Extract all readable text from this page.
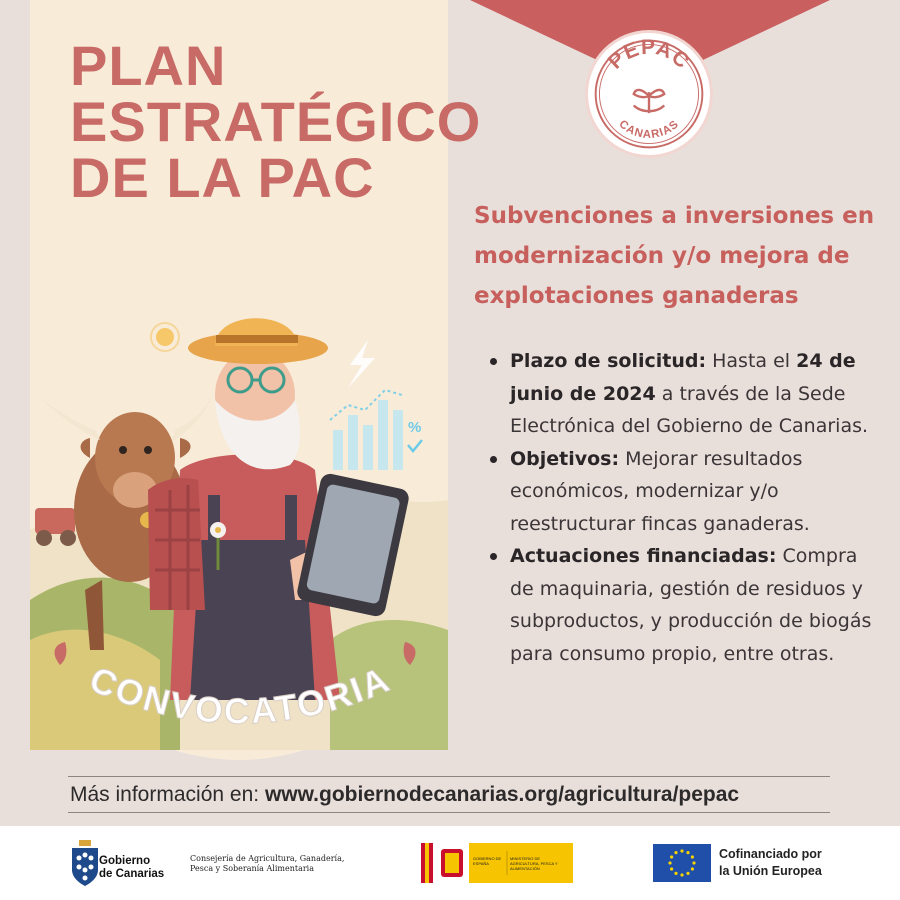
PLAN
ESTRATÉGICO
DE LA PAC
%
CONVOCATORIA
PEPAC
CANARIAS
Subvenciones a inversiones en modernización y/o mejora de explotaciones ganaderas
Plazo de solicitud: Hasta el 24 de junio de 2024 a través de la Sede Electrónica del Gobierno de Canarias.
Objetivos: Mejorar resultados económicos, modernizar y/o reestructurar fincas ganaderas.
Actuaciones financiadas: Compra de maquinaria, gestión de residuos y subproductos, y producción de biogás para consumo propio, entre otras.
Más información en: www.gobiernodecanarias.org/agricultura/pepac
Gobierno
de Canarias
Consejería de Agricultura, Ganadería, Pesca y Soberanía Alimentaria
GOBIERNO DE ESPAÑA
MINISTERIO DE AGRICULTURA, PESCA Y ALIMENTACIÓN
Cofinanciado por
la Unión Europea
